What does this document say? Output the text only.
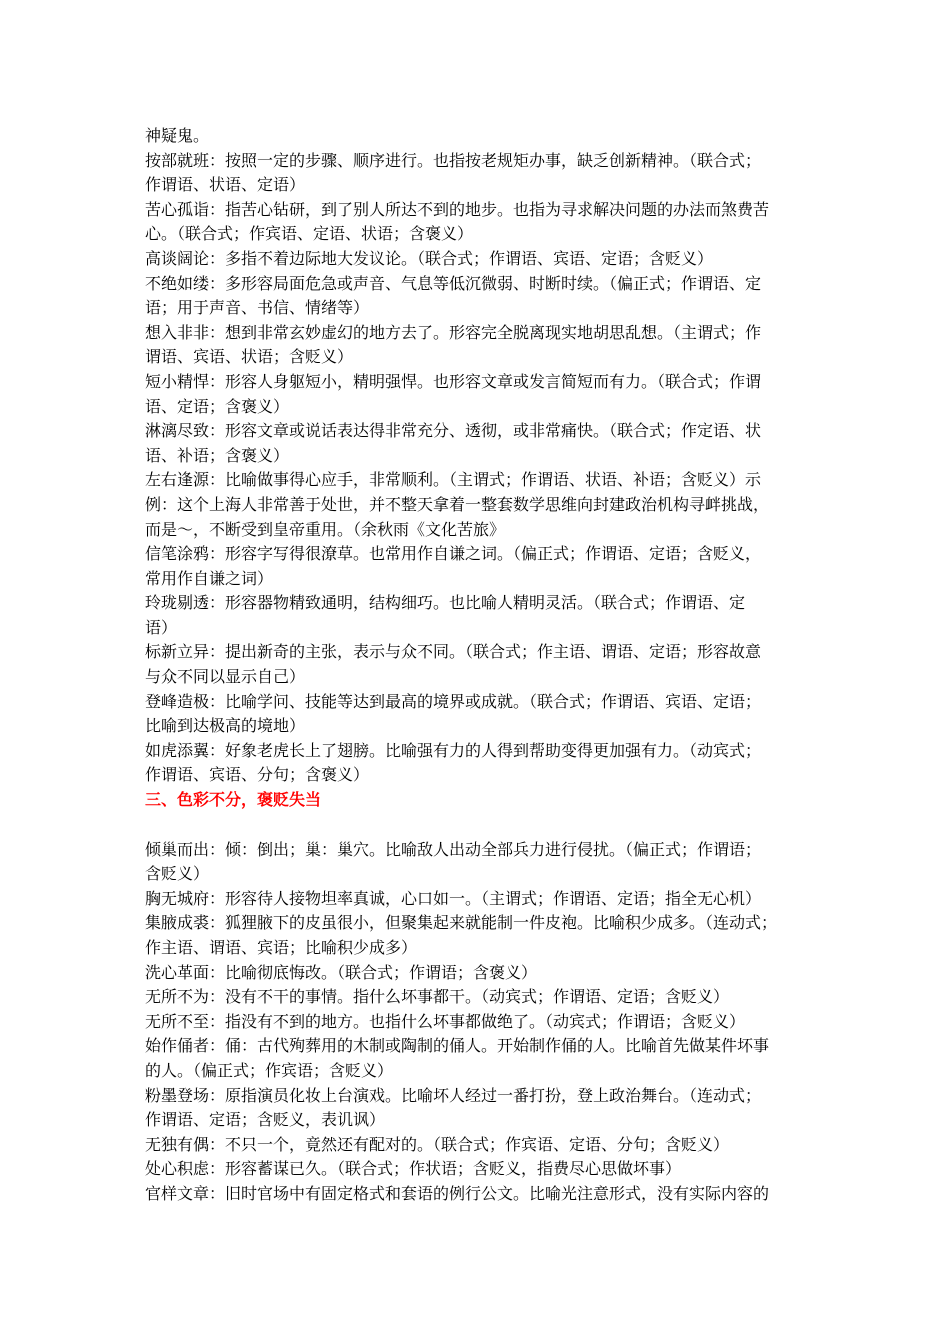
神疑鬼。
按部就班：按照一定的步骤、顺序进行。也指按老规矩办事，缺乏创新精神。（联合式；
作谓语、状语、定语）
苦心孤诣：指苦心钻研，到了别人所达不到的地步。也指为寻求解决问题的办法而煞费苦
心。（联合式；作宾语、定语、状语；含褒义）
高谈阔论：多指不着边际地大发议论。（联合式；作谓语、宾语、定语；含贬义）
不绝如缕：多形容局面危急或声音、气息等低沉微弱、时断时续。（偏正式；作谓语、定
语；用于声音、书信、情绪等）
想入非非：想到非常玄妙虚幻的地方去了。形容完全脱离现实地胡思乱想。（主谓式；作
谓语、宾语、状语；含贬义）
短小精悍：形容人身躯短小，精明强悍。也形容文章或发言简短而有力。（联合式；作谓
语、定语；含褒义）
淋漓尽致：形容文章或说话表达得非常充分、透彻，或非常痛快。（联合式；作定语、状
语、补语；含褒义）
左右逢源：比喻做事得心应手，非常顺利。（主谓式；作谓语、状语、补语；含贬义）示
例：这个上海人非常善于处世，并不整天拿着一整套数学思维向封建政治机构寻衅挑战，
而是～，不断受到皇帝重用。（余秋雨《文化苦旅》
信笔涂鸦：形容字写得很潦草。也常用作自谦之词。（偏正式；作谓语、定语；含贬义，
常用作自谦之词）
玲珑剔透：形容器物精致通明，结构细巧。也比喻人精明灵活。（联合式；作谓语、定
语）
标新立异：提出新奇的主张，表示与众不同。（联合式；作主语、谓语、定语；形容故意
与众不同以显示自己）
登峰造极：比喻学问、技能等达到最高的境界或成就。（联合式；作谓语、宾语、定语；
比喻到达极高的境地）
如虎添翼：好象老虎长上了翅膀。比喻强有力的人得到帮助变得更加强有力。（动宾式；
作谓语、宾语、分句；含褒义）
三、色彩不分，褒贬失当
倾巢而出：倾：倒出；巢：巢穴。比喻敌人出动全部兵力进行侵扰。（偏正式；作谓语；
含贬义）
胸无城府：形容待人接物坦率真诚，心口如一。（主谓式；作谓语、定语；指全无心机）
集腋成裘：狐狸腋下的皮虽很小，但聚集起来就能制一件皮袍。比喻积少成多。（连动式；
作主语、谓语、宾语；比喻积少成多）
洗心革面：比喻彻底悔改。（联合式；作谓语；含褒义）
无所不为：没有不干的事情。指什么坏事都干。（动宾式；作谓语、定语；含贬义）
无所不至：指没有不到的地方。也指什么坏事都做绝了。（动宾式；作谓语；含贬义）
始作俑者：俑：古代殉葬用的木制或陶制的俑人。开始制作俑的人。比喻首先做某件坏事
的人。（偏正式；作宾语；含贬义）
粉墨登场：原指演员化妆上台演戏。比喻坏人经过一番打扮，登上政治舞台。（连动式；
作谓语、定语；含贬义，表讥讽）
无独有偶：不只一个，竟然还有配对的。（联合式；作宾语、定语、分句；含贬义）
处心积虑：形容蓄谋已久。（联合式；作状语；含贬义，指费尽心思做坏事）
官样文章：旧时官场中有固定格式和套语的例行公文。比喻光注意形式，没有实际内容的
